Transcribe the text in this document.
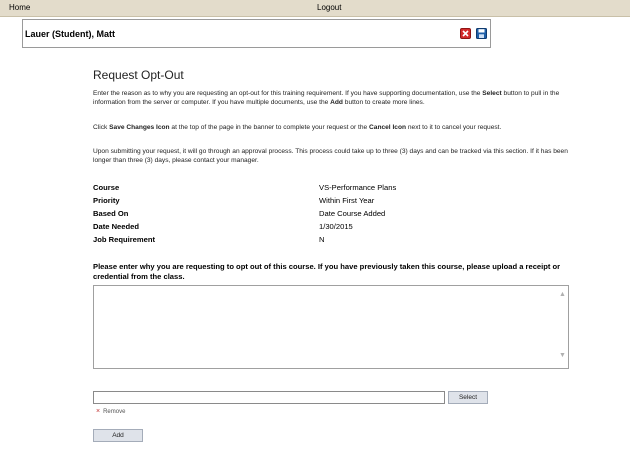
Home	Logout
Lauer (Student), Matt
Request Opt-Out
Enter the reason as to why you are requesting an opt-out for this training requirement. If you have supporting documentation, use the Select button to pull in the information from the server or computer. If you have multiple documents, use the Add button to create more lines.
Click Save Changes Icon at the top of the page in the banner to complete your request or the Cancel Icon next to it to cancel your request.
Upon submitting your request, it will go through an approval process. This process could take up to three (3) days and can be tracked via this section. If it has been longer than three (3) days, please contact your manager.
Course	VS-Performance Plans
Priority	Within First Year
Based On	Date Course Added
Date Needed	1/30/2015
Job Requirement	N
Please enter why you are requesting to opt out of this course. If you have previously taken this course, please upload a receipt or credential from the class.
▲
▼
Select
× Remove
Add
